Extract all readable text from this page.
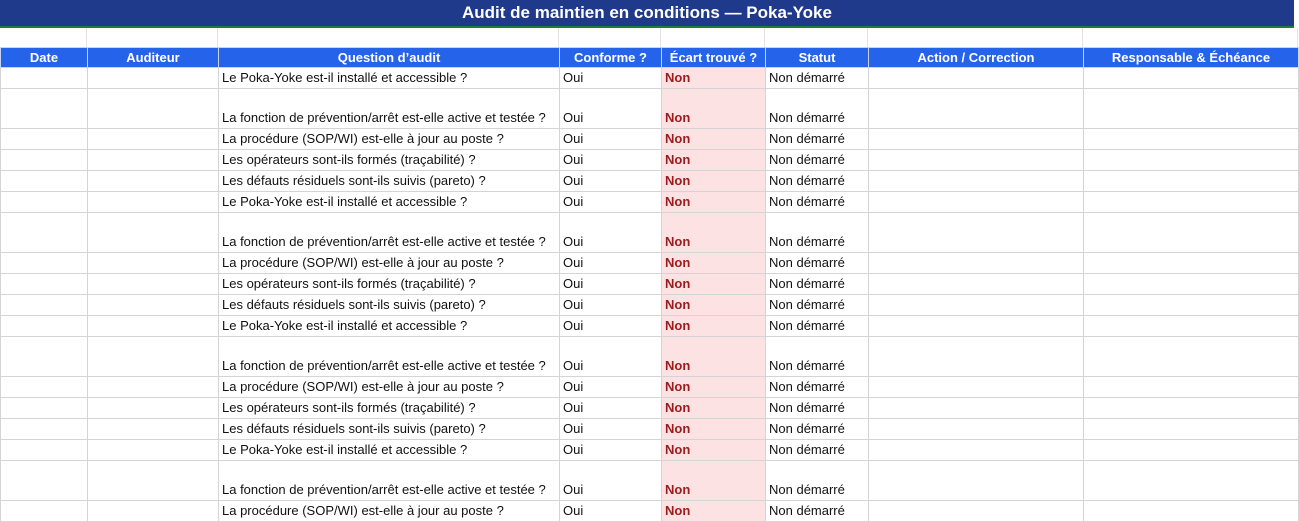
Audit de maintien en conditions — Poka-Yoke
Date	Auditeur	Question d’audit	Conforme ?	Écart trouvé ?	Statut	Action / Correction	Responsable & Échéance
		Le Poka-Yoke est-il installé et accessible ?	Oui	Non	Non démarré		
		La fonction de prévention/arrêt est-elle active et testée ?	Oui	Non	Non démarré		
		La procédure (SOP/WI) est-elle à jour au poste ?	Oui	Non	Non démarré		
		Les opérateurs sont-ils formés (traçabilité) ?	Oui	Non	Non démarré		
		Les défauts résiduels sont-ils suivis (pareto) ?	Oui	Non	Non démarré		
		Le Poka-Yoke est-il installé et accessible ?	Oui	Non	Non démarré		
		La fonction de prévention/arrêt est-elle active et testée ?	Oui	Non	Non démarré		
		La procédure (SOP/WI) est-elle à jour au poste ?	Oui	Non	Non démarré		
		Les opérateurs sont-ils formés (traçabilité) ?	Oui	Non	Non démarré		
		Les défauts résiduels sont-ils suivis (pareto) ?	Oui	Non	Non démarré		
		Le Poka-Yoke est-il installé et accessible ?	Oui	Non	Non démarré		
		La fonction de prévention/arrêt est-elle active et testée ?	Oui	Non	Non démarré		
		La procédure (SOP/WI) est-elle à jour au poste ?	Oui	Non	Non démarré		
		Les opérateurs sont-ils formés (traçabilité) ?	Oui	Non	Non démarré		
		Les défauts résiduels sont-ils suivis (pareto) ?	Oui	Non	Non démarré		
		Le Poka-Yoke est-il installé et accessible ?	Oui	Non	Non démarré		
		La fonction de prévention/arrêt est-elle active et testée ?	Oui	Non	Non démarré		
		La procédure (SOP/WI) est-elle à jour au poste ?	Oui	Non	Non démarré		
